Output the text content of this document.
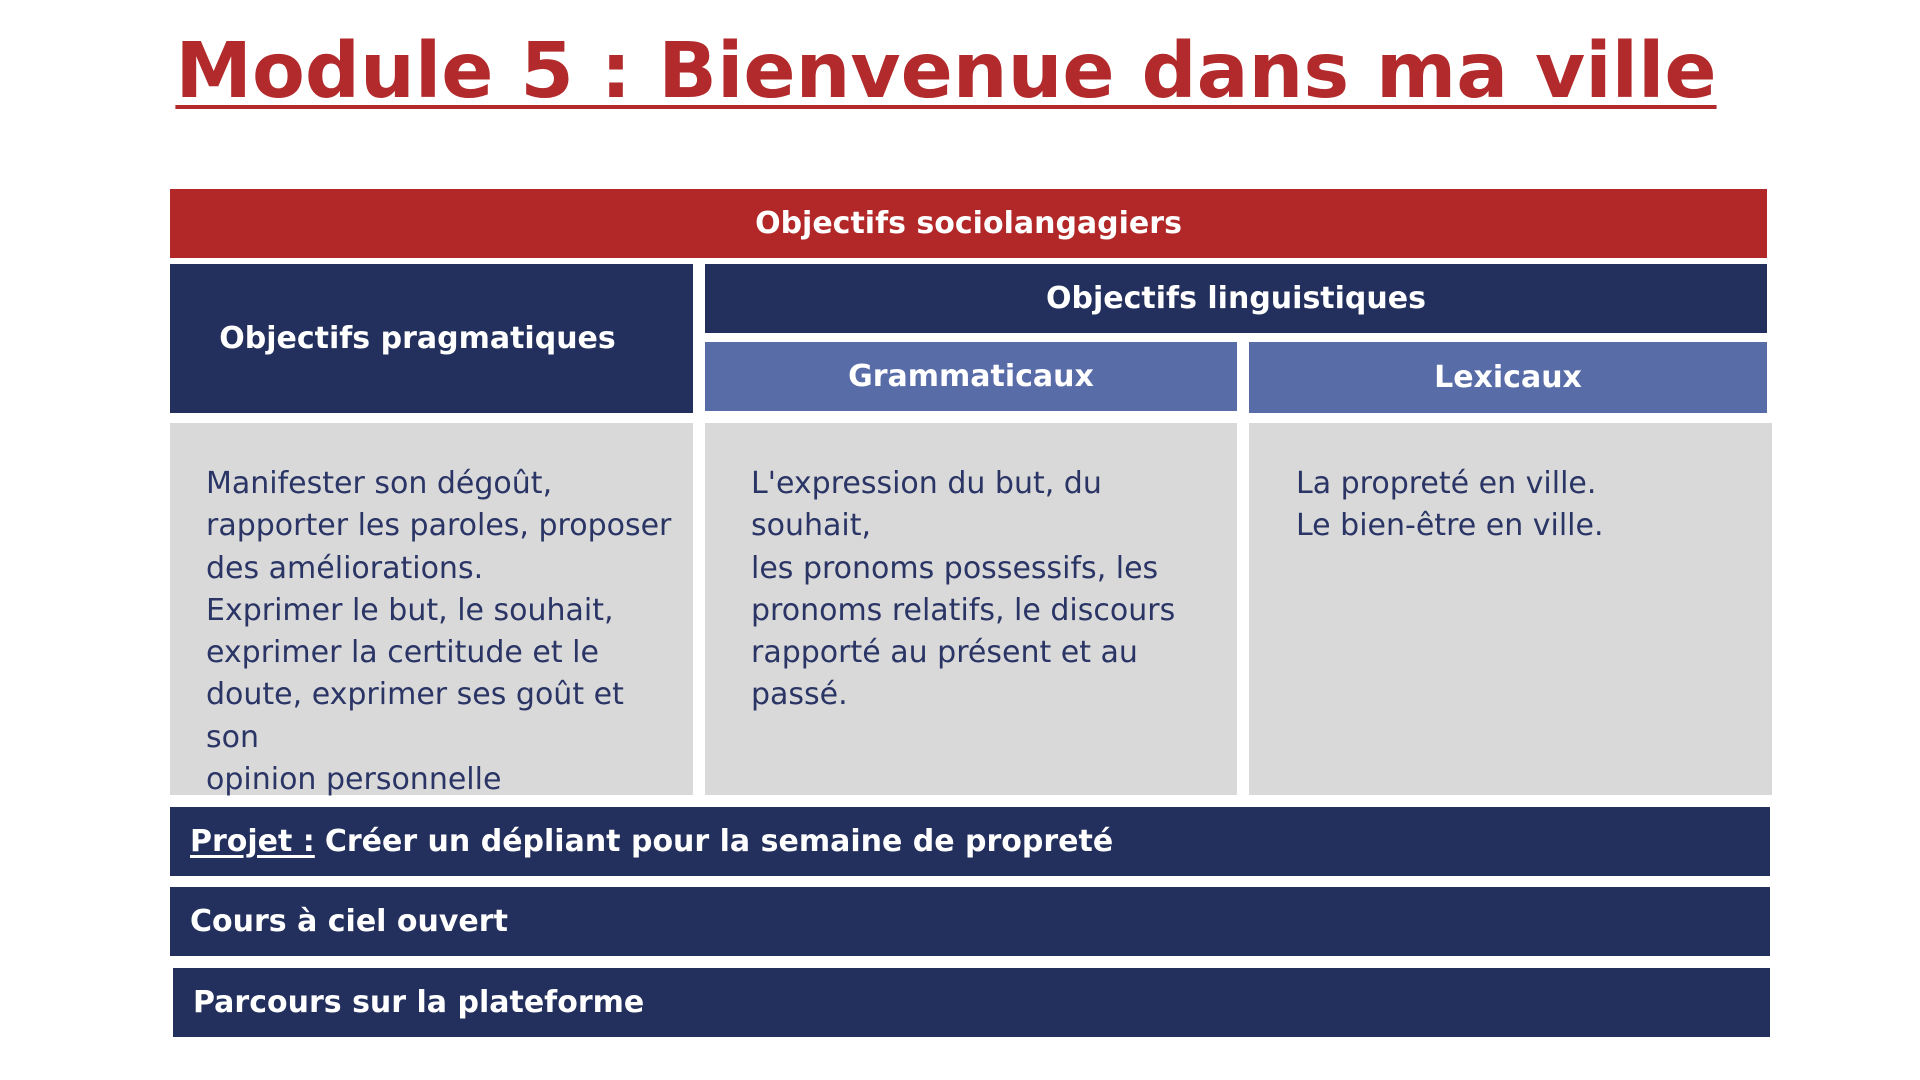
Module 5 : Bienvenue dans ma ville
Objectifs sociolangagiers
Objectifs pragmatiques
Objectifs linguistiques
Grammaticaux	Lexicaux

Manifester son dégoût,

rapporter les paroles, proposer

des améliorations.

Exprimer le but, le souhait,

exprimer la certitude et le

doute, exprimer ses goût et son

opinion personnelle

L'expression du but, du souhait,

les pronoms possessifs, les

pronoms relatifs, le discours

rapporté au présent et au

passé.

La propreté en ville.

Le bien-être en ville.

Projet : Créer un dépliant pour la semaine de propreté
Cours à ciel ouvert
Parcours sur la plateforme
